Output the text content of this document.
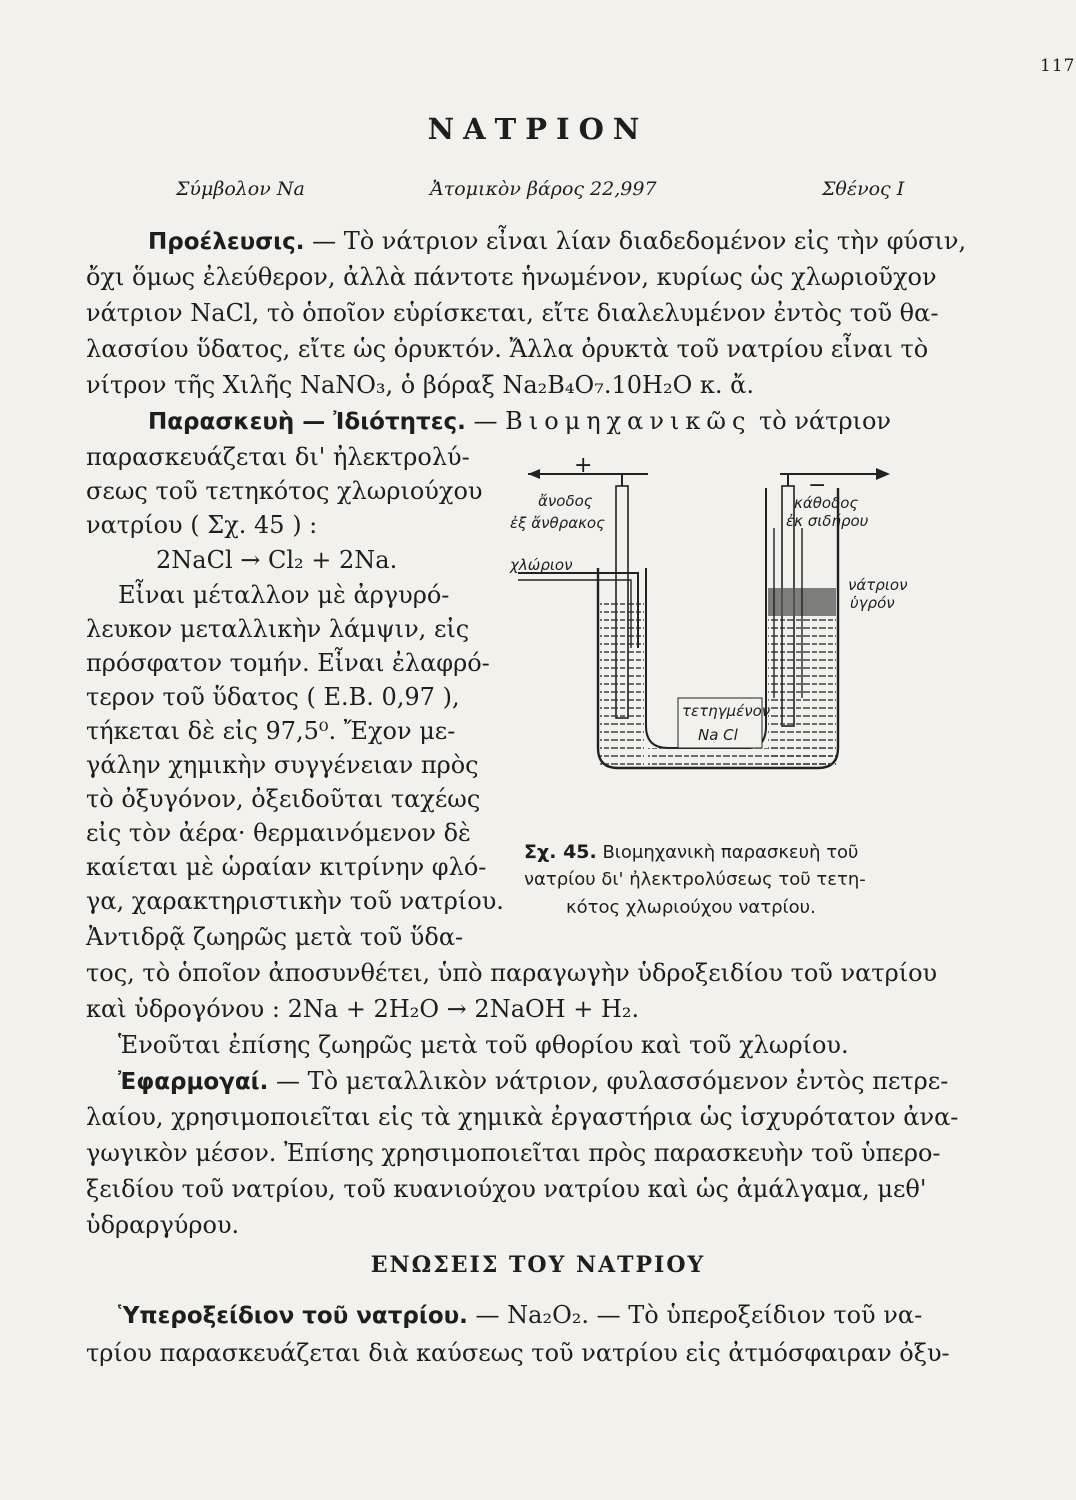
117
ΝΑΤΡΙΟΝ
Σύμβολον Na	Ἀτομικὸν βάρος 22,997	Σθένος I
Προέλευσις. — Τὸ νάτριον εἶναι λίαν διαδεδομένον εἰς τὴν φύσιν,
ὄχι ὅμως ἐλεύθερον, ἀλλὰ πάντοτε ἡνωμένον, κυρίως ὡς χλωριοῦχον
νάτριον NaCl, τὸ ὁποῖον εὑρίσκεται, εἴτε διαλελυμένον ἐντὸς τοῦ θα-
λασσίου ὕδατος, εἴτε ὡς ὀρυκτόν. Ἄλλα ὀρυκτὰ τοῦ νατρίου εἶναι τὸ
νίτρον τῆς Χιλῆς NaNO₃, ὁ βόραξ Na₂B₄O₇.10H₂O κ. ἄ.
Παρασκευὴ — Ἰδιότητες. — Βιομηχανικῶς τὸ νάτριον
παρασκευάζεται δι' ἠλεκτρολύ-
σεως τοῦ τετηκότος χλωριούχου
νατρίου ( Σχ. 45 ) :
2NaCl → Cl₂ + 2Na.
Εἶναι μέταλλον μὲ ἀργυρό-
λευκον μεταλλικὴν λάμψιν, εἰς
πρόσφατον τομήν. Εἶναι ἐλαφρό-
τερον τοῦ ὕδατος ( Ε.Β. 0,97 ),
τήκεται δὲ εἰς 97,5⁰. Ἔχον με-
γάλην χημικὴν συγγένειαν πρὸς
τὸ ὀξυγόνον, ὀξειδοῦται ταχέως
εἰς τὸν ἀέρα· θερμαινόμενον δὲ
καίεται μὲ ὡραίαν κιτρίνην φλό-
γα, χαρακτηριστικὴν τοῦ νατρίου.
Ἀντιδρᾷ ζωηρῶς μετὰ τοῦ ὕδα-
τος, τὸ ὁποῖον ἀποσυνθέτει, ὑπὸ παραγωγὴν ὑδροξειδίου τοῦ νατρίου
καὶ ὑδρογόνου : 2Na + 2H₂O → 2NaOH + H₂.
Ἑνοῦται ἐπίσης ζωηρῶς μετὰ τοῦ φθορίου καὶ τοῦ χλωρίου.
Ἐφαρμογαί. — Τὸ μεταλλικὸν νάτριον, φυλασσόμενον ἐντὸς πετρε-
λαίου, χρησιμοποιεῖται εἰς τὰ χημικὰ ἐργαστήρια ὡς ἰσχυρότατον ἀνα-
γωγικὸν μέσον. Ἐπίσης χρησιμοποιεῖται πρὸς παρασκευὴν τοῦ ὑπερο-
ξειδίου τοῦ νατρίου, τοῦ κυανιούχου νατρίου καὶ ὡς ἀμάλγαμα, μεθ'
ὑδραργύρου.
ΕΝΩΣΕΙΣ ΤΟΥ ΝΑΤΡΙΟΥ
Ὑπεροξείδιον τοῦ νατρίου. — Na₂O₂. — Τὸ ὑπεροξείδιον τοῦ να-
τρίου παρασκευάζεται διὰ καύσεως τοῦ νατρίου εἰς ἀτμόσφαιραν ὀξυ-
+
−
ἄνοδος
ἐξ ἄνθρακος
χλώριον
κάθοδος
ἐκ σιδήρου
νάτριον
ὑγρόν
τετηγμένον
Na Cl
Σχ. 45. Βιομηχανικὴ παρασκευὴ τοῦ
νατρίου δι' ἠλεκτρολύσεως τοῦ τετη-
κότος χλωριούχου νατρίου.
